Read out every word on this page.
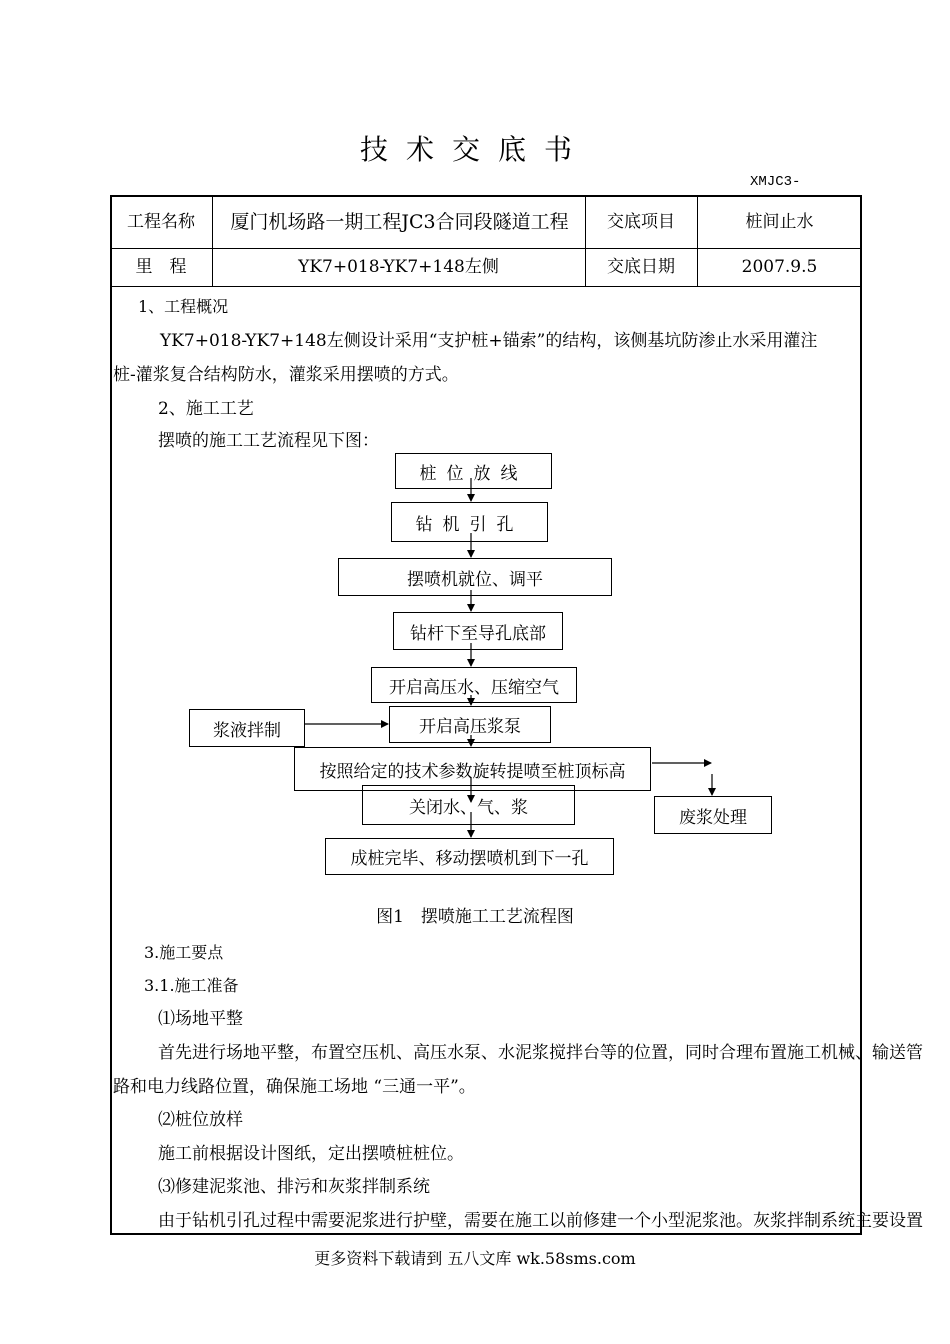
技术交底书
XMJC3-
工程名称	厦门机场路一期工程JC3合同段隧道工程	交底项目	桩间止水
里　程	YK7+018-YK7+148左侧	交底日期	2007.9.5
1、工程概况
YK7+018-YK7+148左侧设计采用“支护桩+锚索”的结构，该侧基坑防渗止水采用灌注
桩-灌浆复合结构防水，灌浆采用摆喷的方式。
2、施工工艺
摆喷的施工工艺流程见下图：
桩位放线
钻机引孔
摆喷机就位、调平
钻杆下至导孔底部
开启高压水、压缩空气
开启高压浆泵
按照给定的技术参数旋转提喷至桩顶标高
关闭水、气、浆
成桩完毕、移动摆喷机到下一孔
浆液拌制
废浆处理
图1　摆喷施工工艺流程图
3.施工要点
3.1.施工准备
⑴场地平整
首先进行场地平整，布置空压机、高压水泵、水泥浆搅拌台等的位置，同时合理布置施工机械、输送管
路和电力线路位置，确保施工场地 “三通一平”。
⑵桩位放样
施工前根据设计图纸，定出摆喷桩桩位。
⑶修建泥浆池、排污和灰浆拌制系统
由于钻机引孔过程中需要泥浆进行护壁，需要在施工以前修建一个小型泥浆池。灰浆拌制系统主要设置
更多资料下载请到 五八文库 wk.58sms.com
